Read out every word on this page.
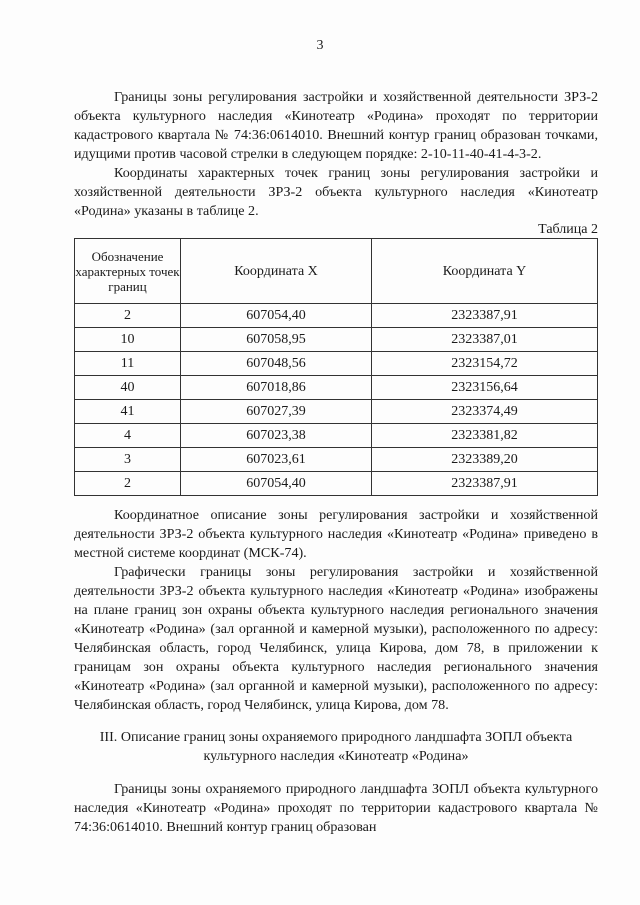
3

Границы зоны регулирования застройки и хозяйственной деятельности ЗРЗ-2 объекта культурного наследия «Кинотеатр «Родина» проходят по территории кадастрового квартала № 74:36:0614010. Внешний контур границ образован точками, идущими против часовой стрелки в следующем порядке: 2-10-11-40-41-4-3-2.

Координаты характерных точек границ зоны регулирования застройки и хозяйственной деятельности ЗРЗ-2 объекта культурного наследия «Кинотеатр «Родина» указаны в таблице 2.

Таблица 2
Обозначение характерных точек границ	Координата X	Координата Y
2	607054,40	2323387,91
10	607058,95	2323387,01
11	607048,56	2323154,72
40	607018,86	2323156,64
41	607027,39	2323374,49
4	607023,38	2323381,82
3	607023,61	2323389,20
2	607054,40	2323387,91

Координатное описание зоны регулирования застройки и хозяйственной деятельности ЗРЗ-2 объекта культурного наследия «Кинотеатр «Родина» приведено в местной системе координат (МСК-74).

Графически границы зоны регулирования застройки и хозяйственной деятельности ЗРЗ-2 объекта культурного наследия «Кинотеатр «Родина» изображены на плане границ зон охраны объекта культурного наследия регионального значения «Кинотеатр «Родина» (зал органной и камерной музыки), расположенного по адресу: Челябинская область, город Челябинск, улица Кирова, дом 78, в приложении к границам зон охраны объекта культурного наследия регионального значения «Кинотеатр «Родина» (зал органной и камерной музыки), расположенного по адресу: Челябинская область, город Челябинск, улица Кирова, дом 78.

III. Описание границ зоны охраняемого природного ландшафта ЗОПЛ объекта культурного наследия «Кинотеатр «Родина»

Границы зоны охраняемого природного ландшафта ЗОПЛ объекта культурного наследия «Кинотеатр «Родина» проходят по территории кадастрового квартала № 74:36:0614010. Внешний контур границ образован
